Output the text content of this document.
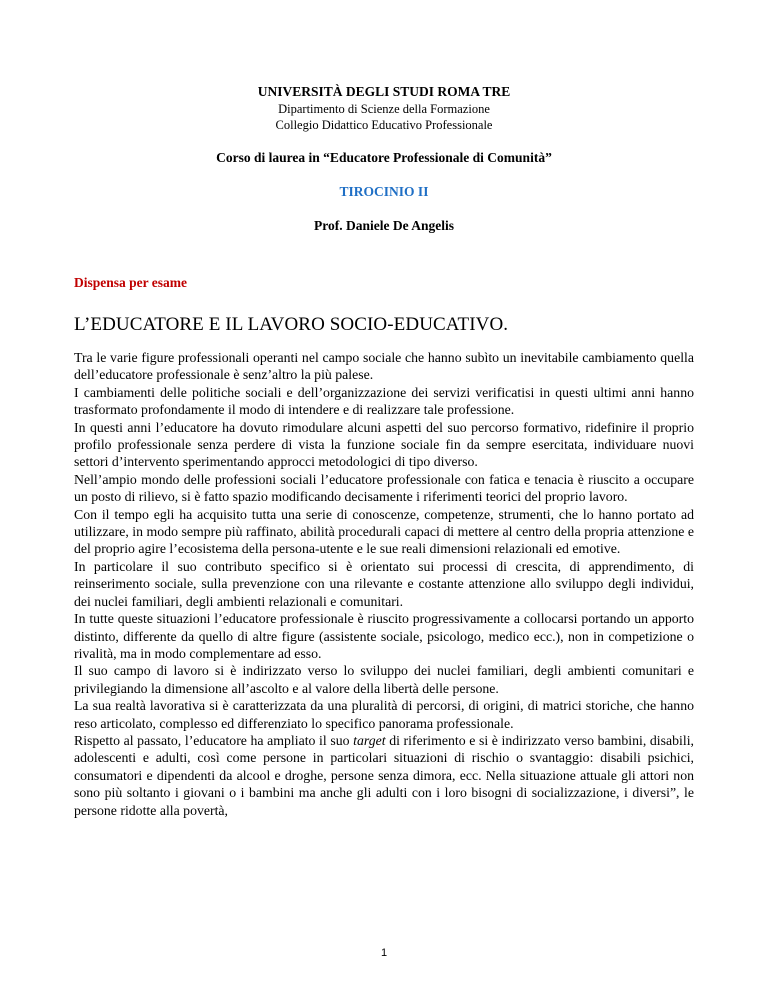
UNIVERSITÀ DEGLI STUDI ROMA TRE
Dipartimento di Scienze della Formazione
Collegio Didattico Educativo Professionale
Corso di laurea in “Educatore Professionale di Comunità”
TIROCINIO II
Prof. Daniele De Angelis
Dispensa per esame
L’EDUCATORE E IL LAVORO SOCIO-EDUCATIVO.

Tra le varie figure professionali operanti nel campo sociale che hanno subìto un inevitabile cambiamento quella dell’educatore professionale è senz’altro la più palese.

I cambiamenti delle politiche sociali e dell’organizzazione dei servizi verificatisi in questi ultimi anni hanno trasformato profondamente il modo di intendere e di realizzare tale professione.

In questi anni l’educatore ha dovuto rimodulare alcuni aspetti del suo percorso formativo, ridefinire il proprio profilo professionale senza perdere di vista la funzione sociale fin da sempre esercitata, individuare nuovi settori d’intervento sperimentando approcci metodologici di tipo diverso.

Nell’ampio mondo delle professioni sociali l’educatore professionale con fatica e tenacia è riuscito a occupare un posto di rilievo, si è fatto spazio modificando decisamente i riferimenti teorici del proprio lavoro.

Con il tempo egli ha acquisito tutta una serie di conoscenze, competenze, strumenti, che lo hanno portato ad utilizzare, in modo sempre più raffinato, abilità procedurali capaci di mettere al centro della propria attenzione e del proprio agire l’ecosistema della persona-utente e le sue reali dimensioni relazionali ed emotive.

In particolare il suo contributo specifico si è orientato sui processi di crescita, di apprendimento, di reinserimento sociale, sulla prevenzione con una rilevante e costante attenzione allo sviluppo degli individui, dei nuclei familiari, degli ambienti relazionali e comunitari.

In tutte queste situazioni l’educatore professionale è riuscito progressivamente a collocarsi portando un apporto distinto, differente da quello di altre figure (assistente sociale, psicologo, medico ecc.), non in competizione o rivalità, ma in modo complementare ad esso.

Il suo campo di lavoro si è indirizzato verso lo sviluppo dei nuclei familiari, degli ambienti comunitari e privilegiando la dimensione all’ascolto e al valore della libertà delle persone.

La sua realtà lavorativa si è caratterizzata da una pluralità di percorsi, di origini, di matrici storiche, che hanno reso articolato, complesso ed differenziato lo specifico panorama professionale.

Rispetto al passato, l’educatore ha ampliato il suo target di riferimento e si è indirizzato verso bambini, disabili, adolescenti e adulti, così come persone in particolari situazioni di rischio o svantaggio: disabili psichici, consumatori e dipendenti da alcool e droghe, persone senza dimora, ecc. Nella situazione attuale gli attori non sono più soltanto i giovani o i bambini ma anche gli adulti con i loro bisogni di socializzazione, i diversi”, le persone ridotte alla povertà,

1
